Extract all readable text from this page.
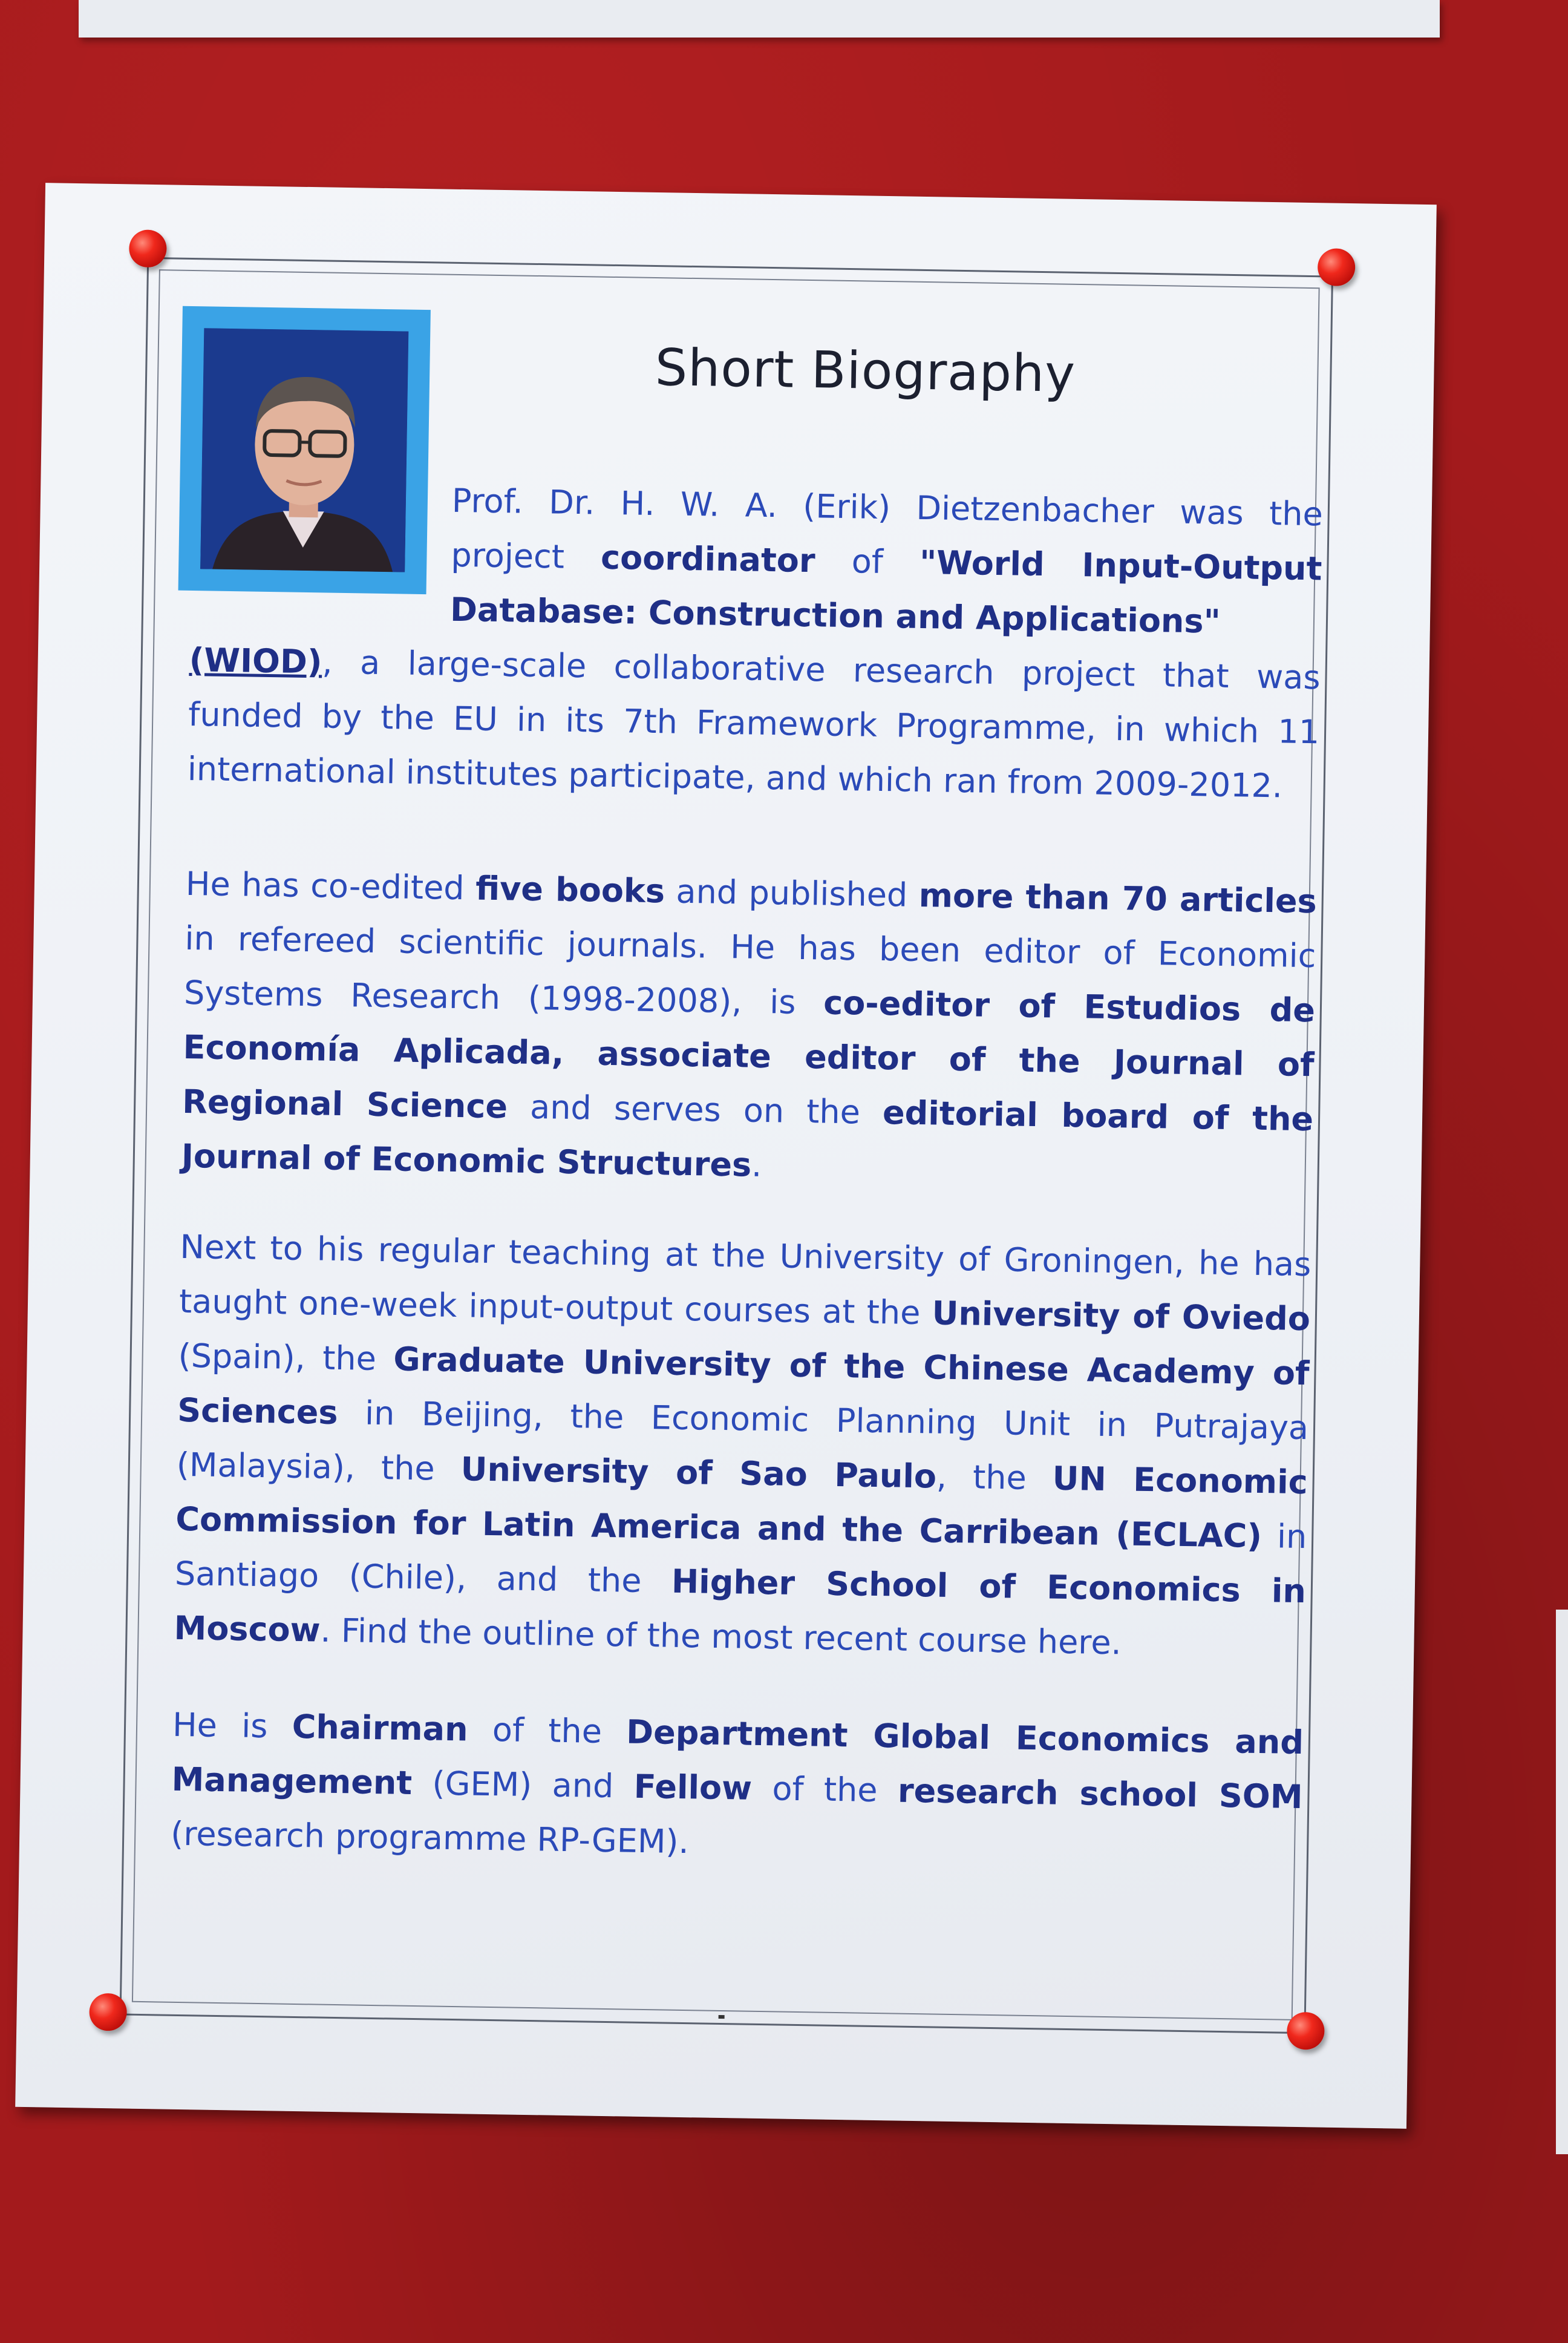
Short Biography
Prof. Dr. H. W. A. (Erik) Dietzenbacher was the project coordinator of "World Input-Output Database: Construction and Applications"
(WIOD), a large-scale collaborative research project that was funded by the EU in its 7th Framework Programme, in which 11 international institutes participate, and which ran from 2009-2012.
He has co-edited five books and published more than 70 articles in refereed scientific journals. He has been editor of Economic Systems Research (1998-2008), is co-editor of Estudios de Economía Aplicada, associate editor of the Journal of Regional Science and serves on the editorial board of the Journal of Economic Structures.
Next to his regular teaching at the University of Groningen, he has taught one-week input-output courses at the University of Oviedo (Spain), the Graduate University of the Chinese Academy of Sciences in Beijing, the Economic Planning Unit in Putrajaya (Malaysia), the University of Sao Paulo, the UN Economic Commission for Latin America and the Carribean (ECLAC) in Santiago (Chile), and the Higher School of Economics in Moscow. Find the outline of the most recent course here.
He is Chairman of the Department Global Economics and Management (GEM) and Fellow of the research school SOM (research programme RP-GEM).
